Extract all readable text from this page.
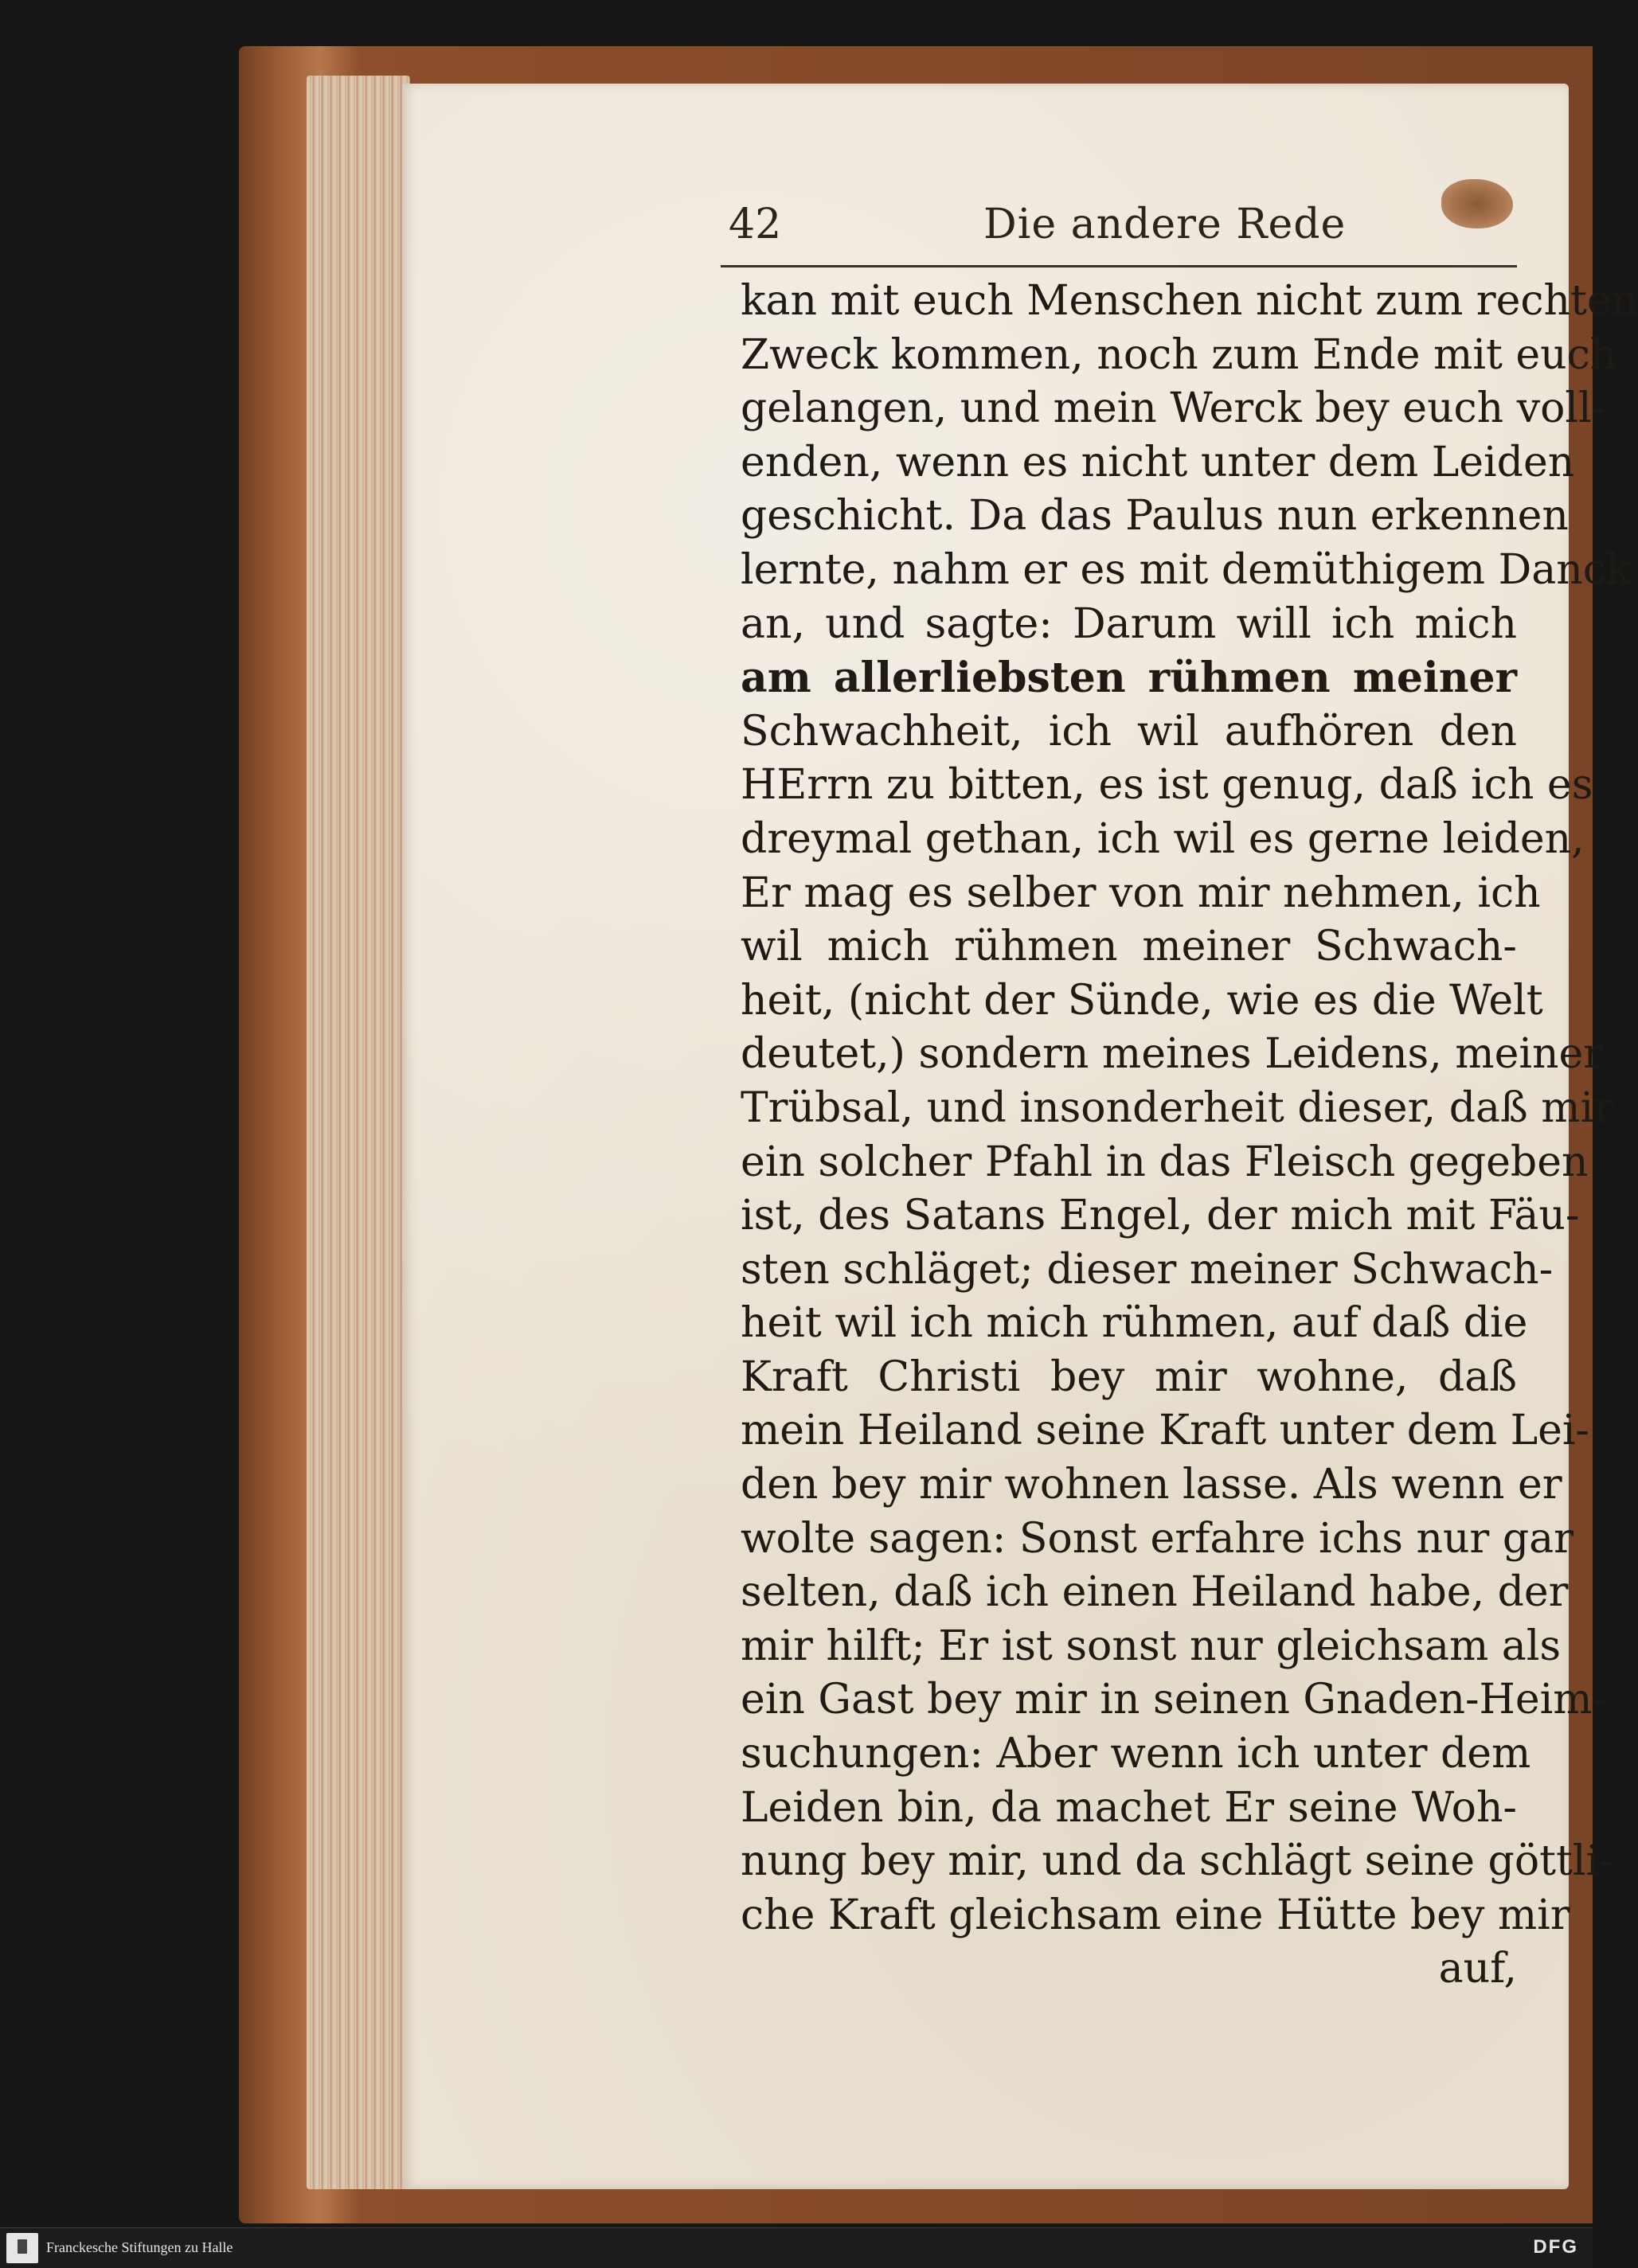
42	Die andere Rede
kan mit euch Menschen nicht zum rechten
Zweck kommen, noch zum Ende mit euch
gelangen, und mein Werck bey euch voll-
enden, wenn es nicht unter dem Leiden
geschicht. Da das Paulus nun erkennen
lernte, nahm er es mit demüthigem Danck
an, und sagte: Darum will ich mich
am allerliebsten rühmen meiner
Schwachheit, ich wil aufhören den
HErrn zu bitten, es ist genug, daß ich es
dreymal gethan, ich wil es gerne leiden,
Er mag es selber von mir nehmen, ich
wil mich rühmen meiner Schwach-
heit, (nicht der Sünde, wie es die Welt
deutet,) sondern meines Leidens, meiner
Trübsal, und insonderheit dieser, daß mir
ein solcher Pfahl in das Fleisch gegeben
ist, des Satans Engel, der mich mit Fäu-
sten schläget; dieser meiner Schwach-
heit wil ich mich rühmen, auf daß die
Kraft Christi bey mir wohne, daß
mein Heiland seine Kraft unter dem Lei-
den bey mir wohnen lasse. Als wenn er
wolte sagen: Sonst erfahre ichs nur gar
selten, daß ich einen Heiland habe, der
mir hilft; Er ist sonst nur gleichsam als
ein Gast bey mir in seinen Gnaden-Heim-
suchungen: Aber wenn ich unter dem
Leiden bin, da machet Er seine Woh-
nung bey mir, und da schlägt seine göttli-
che Kraft gleichsam eine Hütte bey mir
auf,
Franckesche Stiftungen zu Halle	DFG
